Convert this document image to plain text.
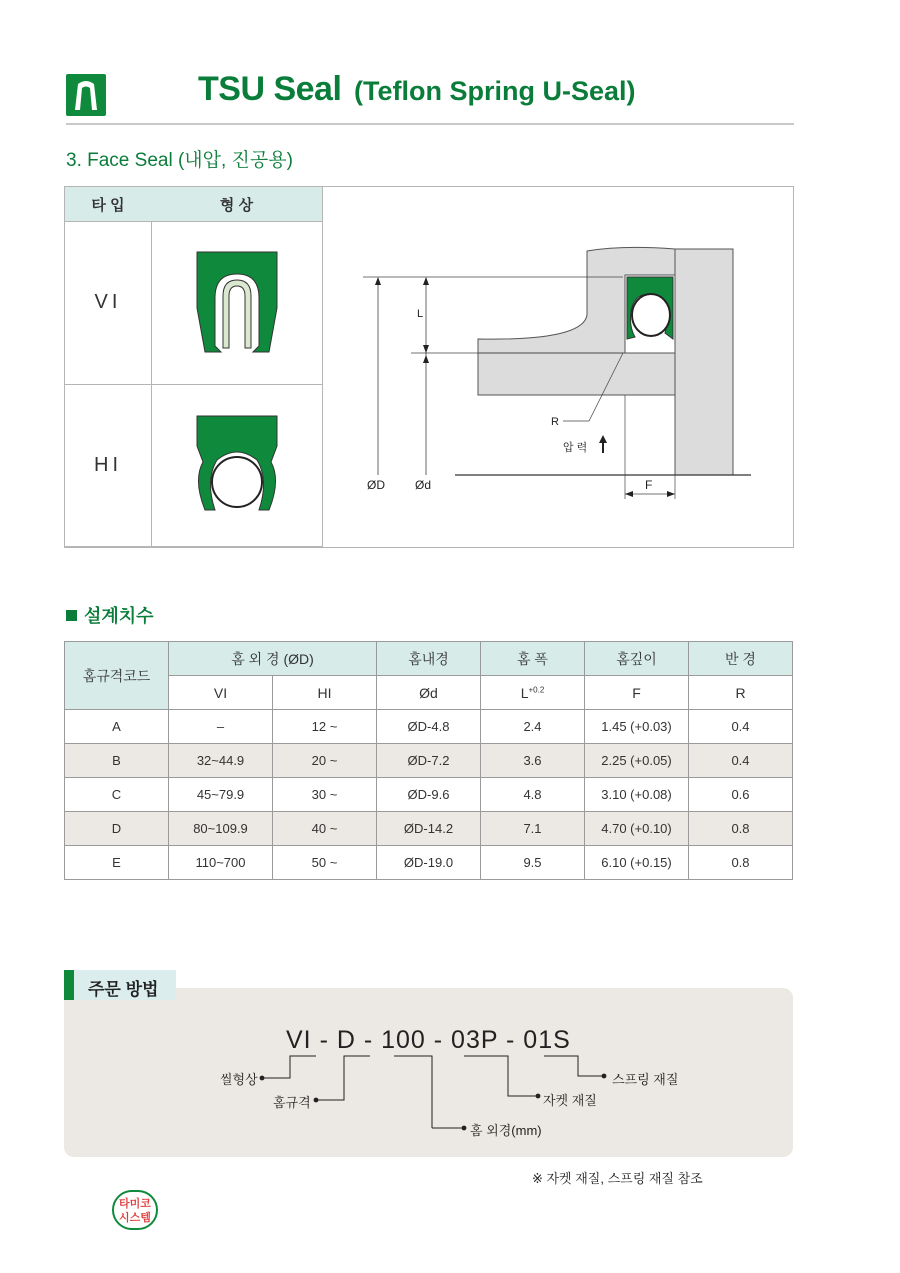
TSU Seal (Teflon Spring U-Seal)
3. Face Seal (내압, 진공용)
타 입	형 상
VI
HI
L
R
압 력
ØD	Ød	F
설계치수
홈규격코드	홈 외 경 (ØD)		홈내경	홈 폭	홈깊이	반 경
	VI	HI	Ød	$L^{+0.2}$	F	R
A	–	12 ~	ØD-4.8	2.4	1.45 (+0.03)	0.4
B	32~44.9	20 ~	ØD-7.2	3.6	2.25 (+0.05)	0.4
C	45~79.9	30 ~	ØD-9.6	4.8	3.10 (+0.08)	0.6
D	80~109.9	40 ~	ØD-14.2	7.1	4.70 (+0.10)	0.8
E	110~700	50 ~	ØD-19.0	9.5	6.10 (+0.15)	0.8
주문 방법
VI - D - 100 - 03P - 01S
씰형상
홈규격
홈 외경(mm)
자켓 재질
스프링 재질
※ 자켓 재질, 스프링 재질 참조
타미코
시스템
